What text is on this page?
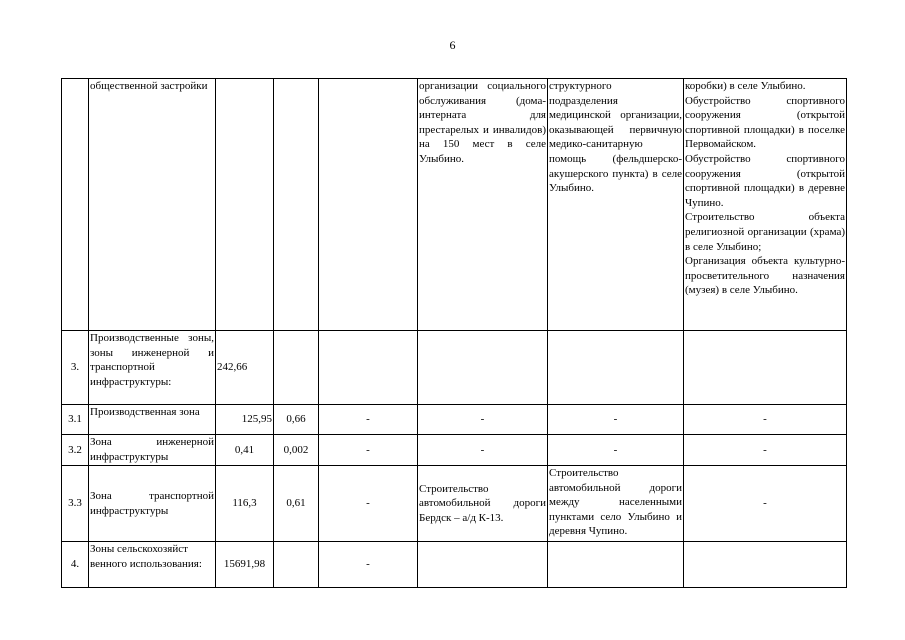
6
	общественной застройки				организации социального обслуживания (дома-интерната для престарелых и инвалидов) на 150 мест в селе Улыбино.	структурного подразделения медицинской организации, оказывающей первичную медико-санитарную помощь (фельдшерско-акушерского пункта) в селе Улыбино.	коробки) в селе Улыбино.
Обустройство спортивного сооружения (открытой спортивной площадки) в поселке Первомайском.
Обустройство спортивного сооружения (открытой спортивной площадки) в деревне Чупино.
Строительство объекта религиозной организации (храма) в селе Улыбино;
Организация объекта культурно-просветительного назначения (музея) в селе Улыбино.

3.	Производственные зоны, зоны инженерной и транспортной инфраструктуры:	242,66					
3.1	Производственная зона	125,95	0,66	-	-	-	-
3.2	Зона инженерной инфраструктуры	0,41	0,002	-	-	-	-
3.3	Зона транспортной инфраструктуры	116,3	0,61	-	Строительство автомобильной дороги Бердск – а/д К-13.	Строительство автомобильной дороги между населенными пунктами село Улыбино и деревня Чупино.	-
4.	Зоны сельскохозяйст венного использования:	15691,98		-			
